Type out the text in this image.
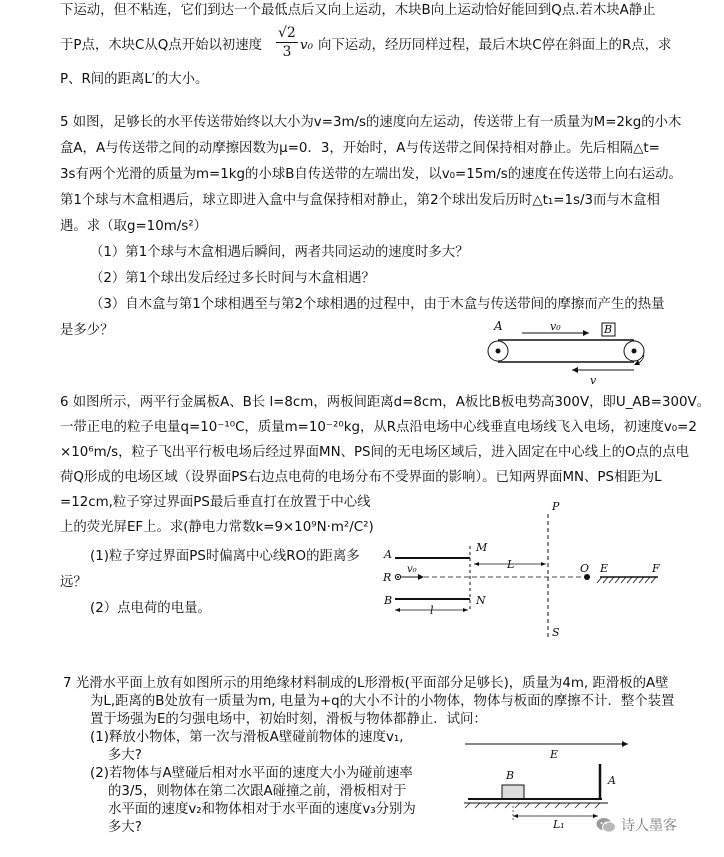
下运动，但不粘连，它们到达一个最低点后又向上运动，木块B向上运动恰好能回到Q点.若木块A静止
于P点，木块C从Q点开始以初速度 $\frac{√2}{3} v_0$ 向下运动，经历同样过程，最后木块C停在斜面上的R点，求
P、R间的距离L′的大小。
5 如图，足够长的水平传送带始终以大小为v=3m/s的速度向左运动，传送带上有一质量为M=2kg的小木
盒A，A与传送带之间的动摩擦因数为μ=0．3，开始时，A与传送带之间保持相对静止。先后相隔△t=
3s有两个光滑的质量为m=1kg的小球B自传送带的左端出发，以v₀=15m/s的速度在传送带上向右运动。
第1个球与木盒相遇后，球立即进入盒中与盒保持相对静止，第2个球出发后历时△t₁=1s/3而与木盒相
遇。求（取g=10m/s²）
（1）第1个球与木盒相遇后瞬间，两者共同运动的速度时多大？
（2）第1个球出发后经过多长时间与木盒相遇？
（3）自木盒与第1个球相遇至与第2个球相遇的过程中，由于木盒与传送带间的摩擦而产生的热量
是多少？	A	v₀	B
v
6 如图所示，两平行金属板A、B长 l=8cm，两板间距离d=8cm，A板比B板电势高300V，即U_AB=300V。
一带正电的粒子电量q=10⁻¹⁰C，质量m=10⁻²⁰kg，从R点沿电场中心线垂直电场线飞入电场，初速度v₀=2
×10⁶m/s，粒子飞出平行板电场后经过界面MN、PS间的无电场区域后，进入固定在中心线上的O点的点电
荷Q形成的电场区域（设界面PS右边点电荷的电场分布不受界面的影响）。已知两界面MN、PS相距为L
=12cm,粒子穿过界面PS最后垂直打在放置于中心线
上的荧光屏EF上。求(静电力常数k=9×10⁹N·m²/C²)
(1)粒子穿过界面PS时偏离中心线RO的距离多
远？
(2）点电荷的电量。
P
S
A
B
M
N
R
v₀	L	O E	F
l
7 光滑水平面上放有如图所示的用绝缘材料制成的L形滑板(平面部分足够长)，质量为4m, 距滑板的A壁
为L,距离的B处放有一质量为m, 电量为+q的大小不计的小物体，物体与板面的摩擦不计．整个装置
置于场强为E的匀强电场中，初始时刻，滑板与物体都静止．试问：
(1)释放小物体，第一次与滑板A壁碰前物体的速度v₁,
多大?
(2)若物体与A壁碰后相对水平面的速度大小为碰前速率
的3/5，则物体在第二次跟A碰撞之前，滑板相对于
水平面的速度v₂和物体相对于水平面的速度v₃分别为
多大?
E
A
B
L₁	诗人墨客
